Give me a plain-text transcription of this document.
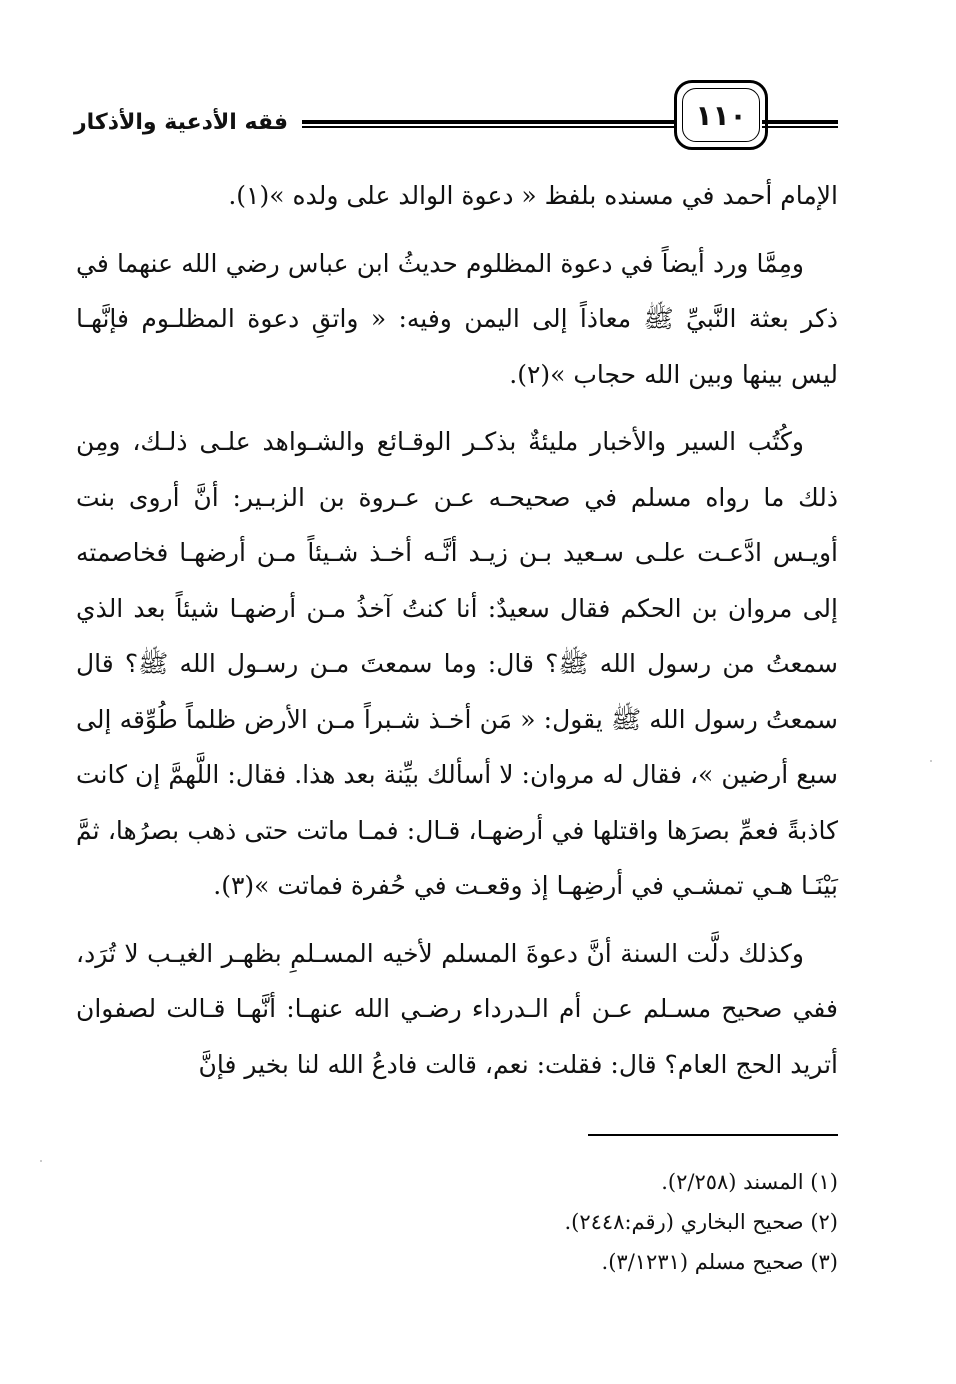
فقه الأدعية والأذكار	١١٠

الإمام أحمد في مسنده بلفظ « دعوة الوالد على ولده »(١).

ومِمَّا ورد أيضاً في دعوة المظلوم حديثُ ابن عباس رضي الله عنهما في ذكر بعثة النَّبيِّ ﷺ معاذاً إلى اليمن وفيه: « واتقِ دعوة المظلـوم فإنَّهـا ليس بينها وبين الله حجاب »(٢).

وكُتُب السير والأخبار مليئةٌ بذكـر الوقـائع والشـواهد علـى ذلـك، ومِن ذلك ما رواه مسلم في صحيحـه عـن عـروة بن الزبـير: أنَّ أروى بنت أويـس ادَّعـت علـى سـعيد بـن زيـد أنَّـه أخـذ شـيئاً مـن أرضهـا فخاصمته إلى مروان بن الحكم فقال سعيدٌ: أنا كنتُ آخذُ مـن أرضهـا شيئاً بعد الذي سمعتُ من رسول الله ﷺ؟ قال: وما سمعتَ مـن رسـول الله ﷺ؟ قال سمعتُ رسول الله ﷺ يقول: « مَن أخـذ شـبراً مـن الأرض ظلماً طُوِّقه إلى سبع أرضين »، فقال له مروان: لا أسألك بيِّنة بعد هذا. فقال: اللَّهمَّ إن كانت كاذبةً فعمِّ بصرَها واقتلها في أرضهـا، قـال: فمـا ماتت حتى ذهب بصرُها، ثمَّ بَيْنَـا هـي تمشـي في أرضِهـا إذ وقعـت في حُفرة فماتت »(٣).

وكذلك دلَّت السنة أنَّ دعوةَ المسلم لأخيه المسـلمِ بظهـر الغيـب لا تُرَد، ففي صحيح مسـلم عـن أم الـدرداء رضـي الله عنهـا: أنَّهـا قـالت لصفوان أتريد الحج العام؟ قال: فقلت: نعم، قالت فادعُ الله لنا بخير فإنَّ

(١) المسند (٢/٢٥٨).

(٢) صحيح البخاري (رقم:٢٤٤٨).

(٣) صحيح مسلم (٣/١٢٣١).
